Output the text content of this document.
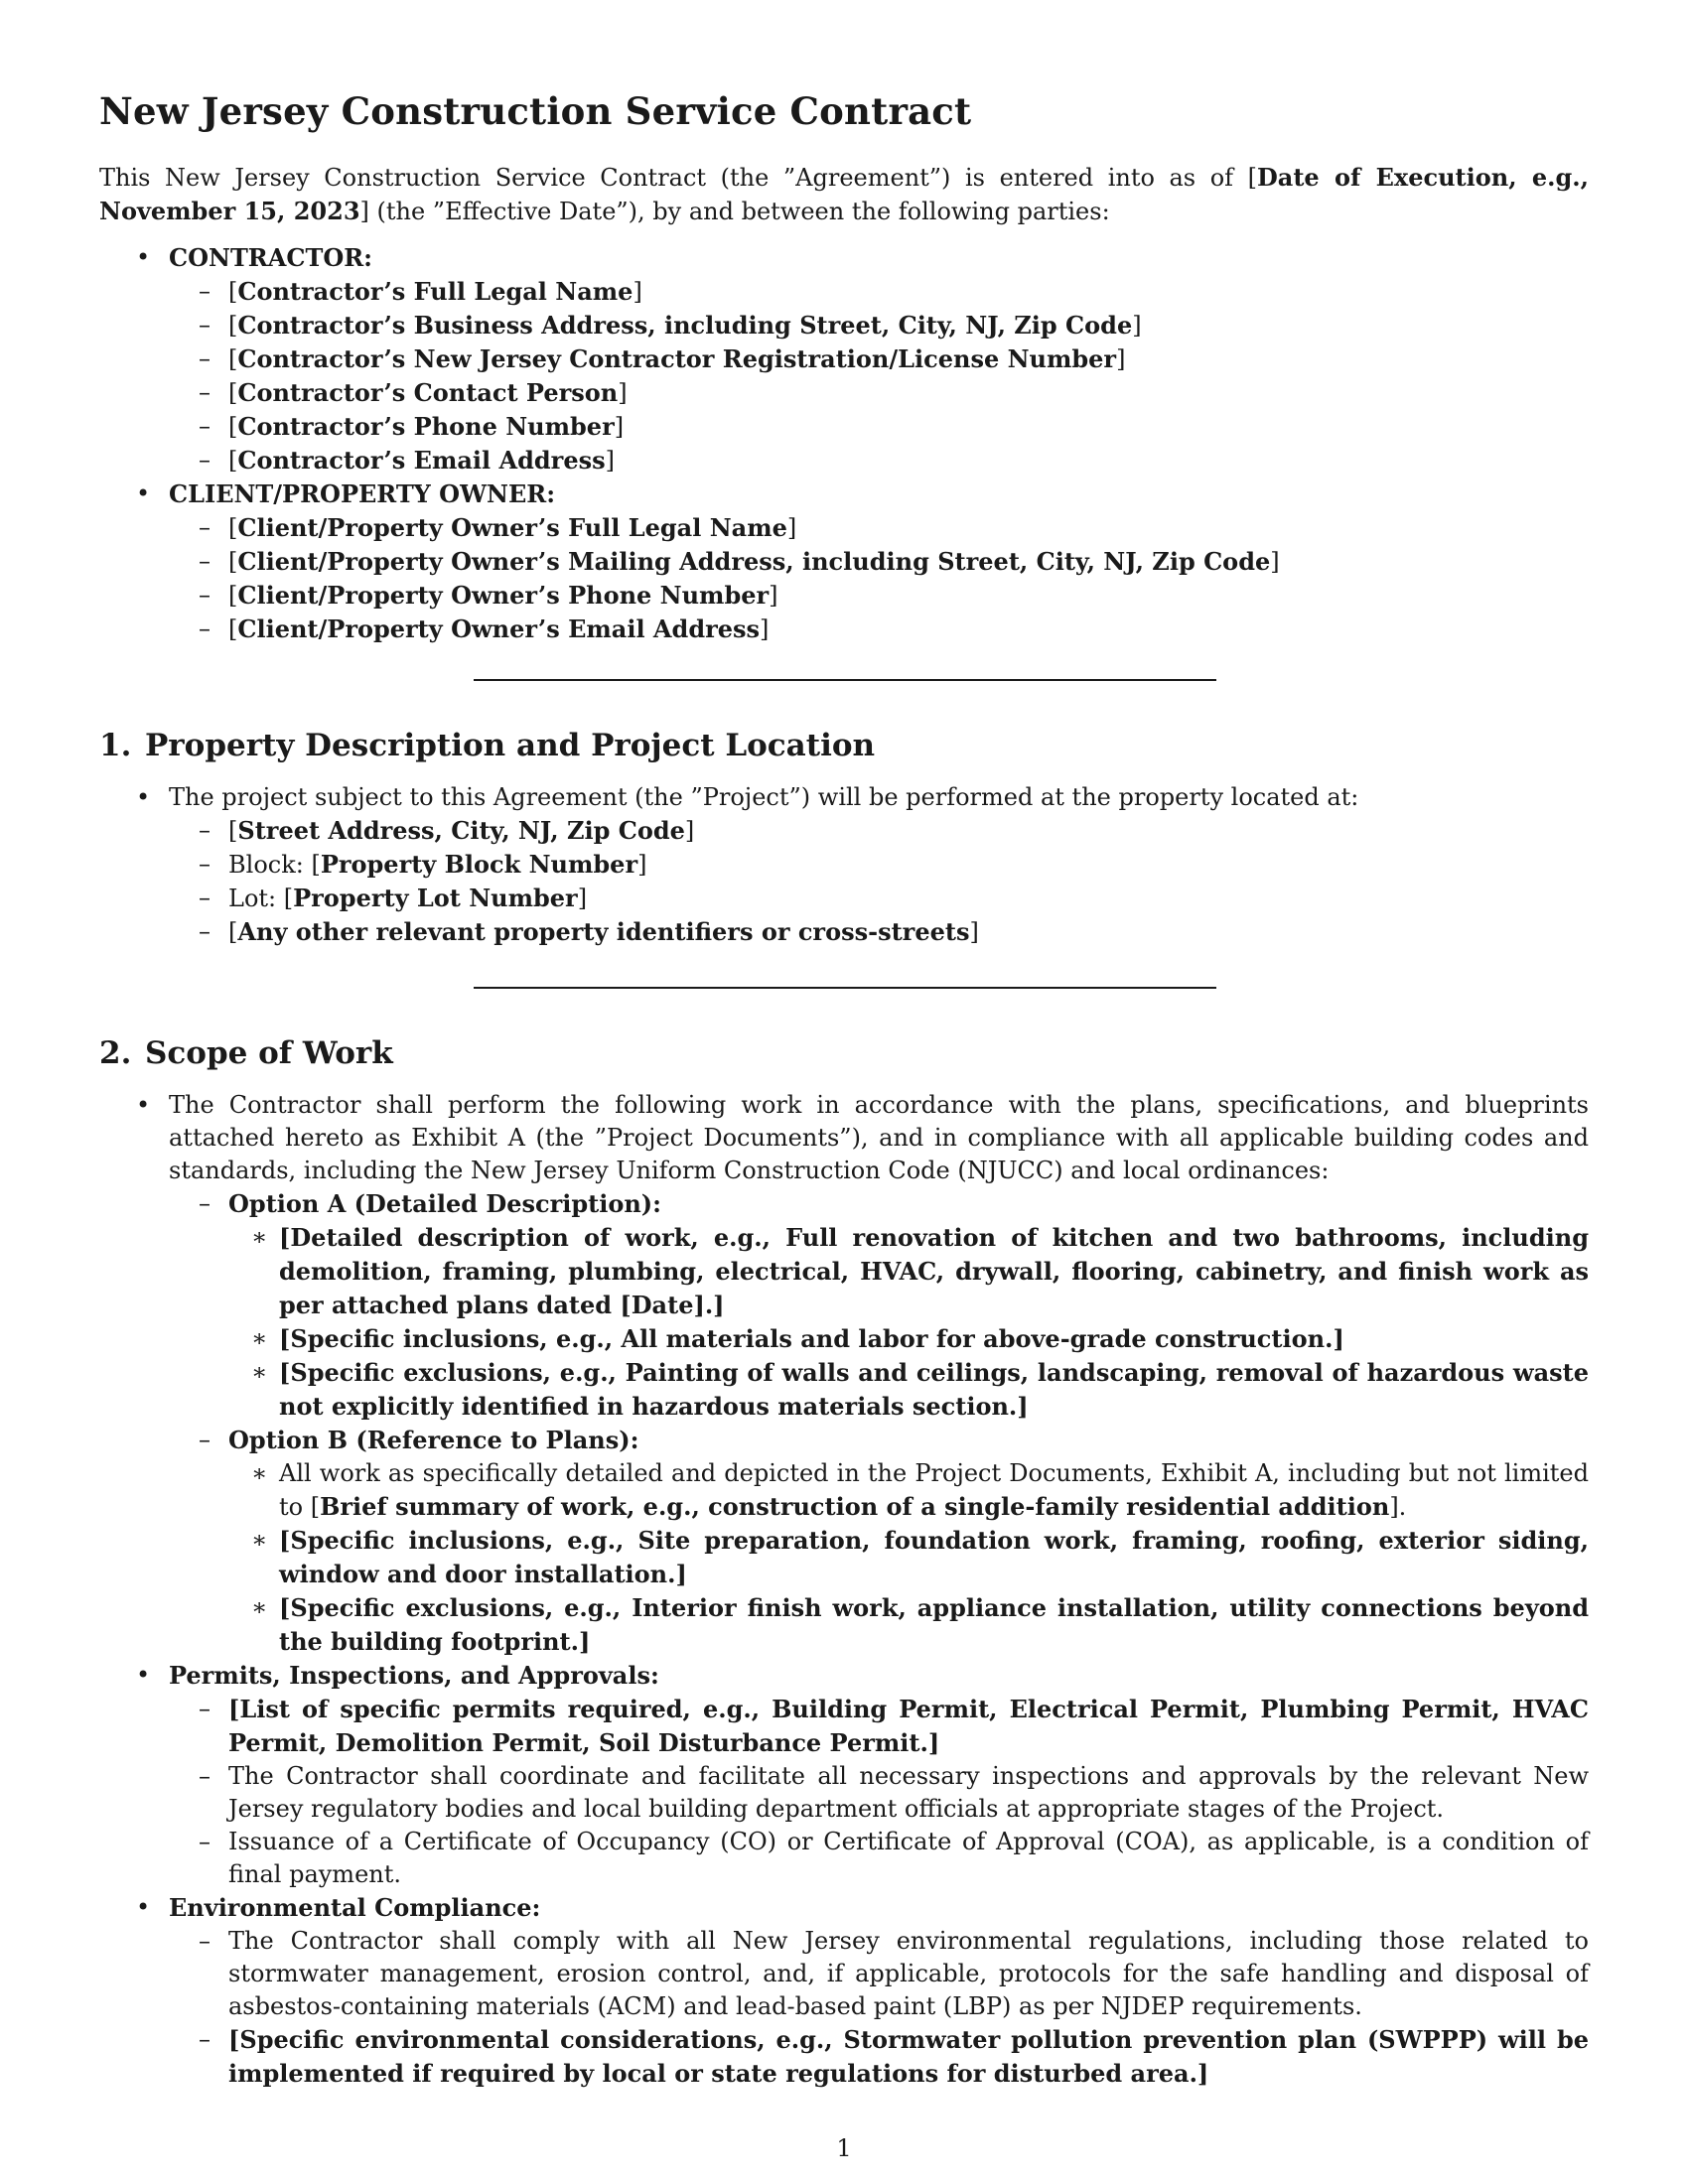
New Jersey Construction Service Contract

This New Jersey Construction Service Contract (the ”Agreement”) is entered into as of [Date of Execution, e.g., November 15, 2023] (the ”Effective Date”), by and between the following parties:

• CONTRACTOR:
– [Contractor’s Full Legal Name]
– [Contractor’s Business Address, including Street, City, NJ, Zip Code]
– [Contractor’s New Jersey Contractor Registration/License Number]
– [Contractor’s Contact Person]
– [Contractor’s Phone Number]
– [Contractor’s Email Address]
• CLIENT/PROPERTY OWNER:
– [Client/Property Owner’s Full Legal Name]
– [Client/Property Owner’s Mailing Address, including Street, City, NJ, Zip Code]
– [Client/Property Owner’s Phone Number]
– [Client/Property Owner’s Email Address]
1. Property Description and Project Location
• The project subject to this Agreement (the ”Project”) will be performed at the property located at:
– [Street Address, City, NJ, Zip Code]
– Block: [Property Block Number]
– Lot: [Property Lot Number]
– [Any other relevant property identifiers or cross-streets]
2. Scope of Work
• The Contractor shall perform the following work in accordance with the plans, specifications, and blueprints attached hereto as Exhibit A (the ”Project Documents”), and in compliance with all applicable building codes and standards, including the New Jersey Uniform Construction Code (NJUCC) and local ordinances:
– Option A (Detailed Description):
∗ [Detailed description of work, e.g., Full renovation of kitchen and two bathrooms, including demolition, framing, plumbing, electrical, HVAC, drywall, flooring, cabinetry, and finish work as per attached plans dated [Date].]
∗ [Specific inclusions, e.g., All materials and labor for above-grade construction.]
∗ [Specific exclusions, e.g., Painting of walls and ceilings, landscaping, removal of hazardous waste not explicitly identified in hazardous materials section.]
– Option B (Reference to Plans):
∗ All work as specifically detailed and depicted in the Project Documents, Exhibit A, including but not limited to [Brief summary of work, e.g., construction of a single-family residential addition].
∗ [Specific inclusions, e.g., Site preparation, foundation work, framing, roofing, exterior siding, window and door installation.]
∗ [Specific exclusions, e.g., Interior finish work, appliance installation, utility connections beyond the building footprint.]
• Permits, Inspections, and Approvals:
– [List of specific permits required, e.g., Building Permit, Electrical Permit, Plumbing Permit, HVAC Permit, Demolition Permit, Soil Disturbance Permit.]
– The Contractor shall coordinate and facilitate all necessary inspections and approvals by the relevant New Jersey regulatory bodies and local building department officials at appropriate stages of the Project.
– Issuance of a Certificate of Occupancy (CO) or Certificate of Approval (COA), as applicable, is a condition of final payment.
• Environmental Compliance:
– The Contractor shall comply with all New Jersey environmental regulations, including those related to stormwater management, erosion control, and, if applicable, protocols for the safe handling and disposal of asbestos-containing materials (ACM) and lead-based paint (LBP) as per NJDEP requirements.
– [Specific environmental considerations, e.g., Stormwater pollution prevention plan (SWPPP) will be implemented if required by local or state regulations for disturbed area.]
1
